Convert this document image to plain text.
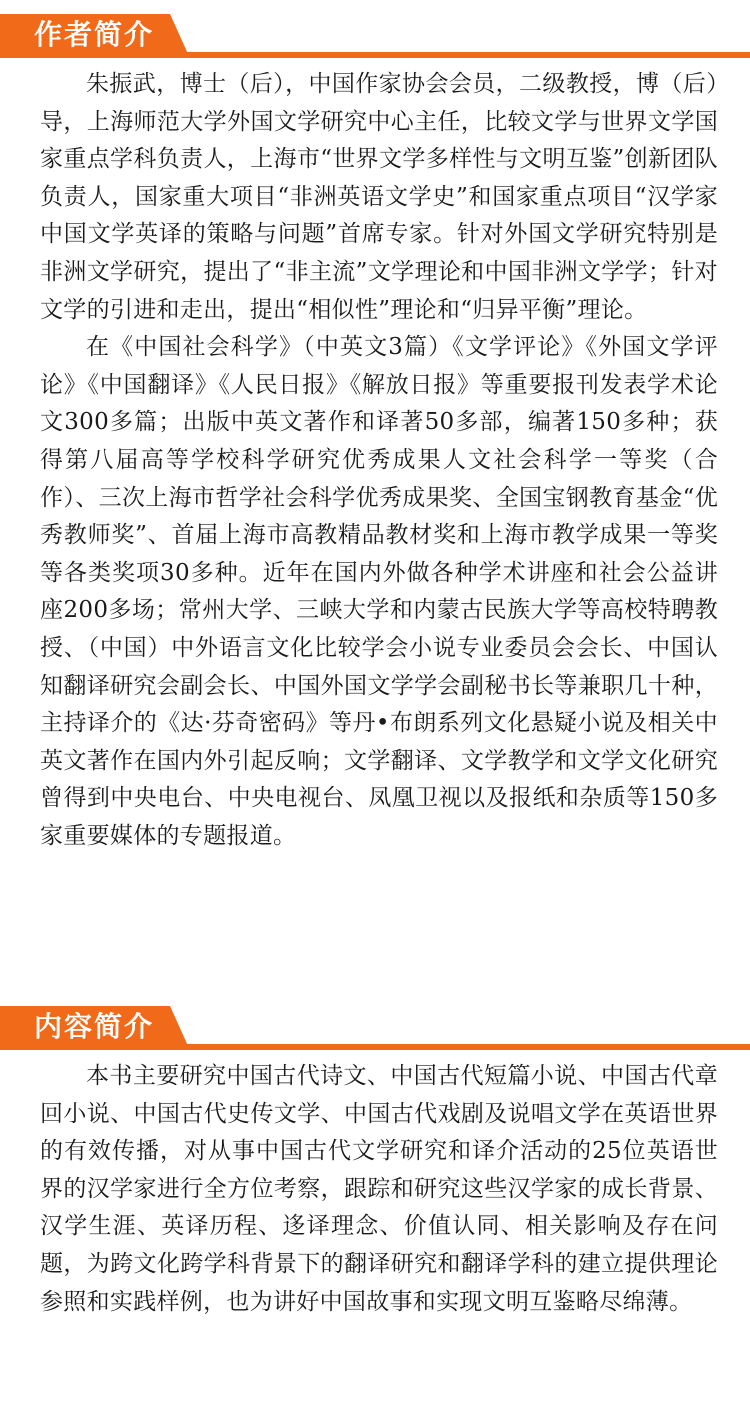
作者简介

朱振武，博士（后），中国作家协会会员，二级教授，博（后）导，上海师范大学外国文学研究中心主任，比较文学与世界文学国家重点学科负责人，上海市“世界文学多样性与文明互鉴”创新团队负责人，国家重大项目“非洲英语文学史”和国家重点项目“汉学家中国文学英译的策略与问题”首席专家。针对外国文学研究特别是非洲文学研究，提出了“非主流”文学理论和中国非洲文学学；针对文学的引进和走出，提出“相似性”理论和“归异平衡”理论。

在《中国社会科学》（中英文3篇）《文学评论》《外国文学评论》《中国翻译》《人民日报》《解放日报》等重要报刊发表学术论文300多篇；出版中英文著作和译著50多部，编著150多种；获得第八届高等学校科学研究优秀成果人文社会科学一等奖（合作）、三次上海市哲学社会科学优秀成果奖、全国宝钢教育基金“优秀教师奖”、首届上海市高教精品教材奖和上海市教学成果一等奖等各类奖项30多种。近年在国内外做各种学术讲座和社会公益讲座200多场；常州大学、三峡大学和内蒙古民族大学等高校特聘教授、（中国）中外语言文化比较学会小说专业委员会会长、中国认知翻译研究会副会长、中国外国文学学会副秘书长等兼职几十种，主持译介的《达·芬奇密码》等丹•布朗系列文化悬疑小说及相关中英文著作在国内外引起反响；文学翻译、文学教学和文学文化研究曾得到中央电台、中央电视台、凤凰卫视以及报纸和杂质等150多家重要媒体的专题报道。

内容简介

本书主要研究中国古代诗文、中国古代短篇小说、中国古代章回小说、中国古代史传文学、中国古代戏剧及说唱文学在英语世界的有效传播，对从事中国古代文学研究和译介活动的25位英语世界的汉学家进行全方位考察，跟踪和研究这些汉学家的成长背景、汉学生涯、英译历程、迻译理念、价值认同、相关影响及存在问题，为跨文化跨学科背景下的翻译研究和翻译学科的建立提供理论参照和实践样例，也为讲好中国故事和实现文明互鉴略尽绵薄。
